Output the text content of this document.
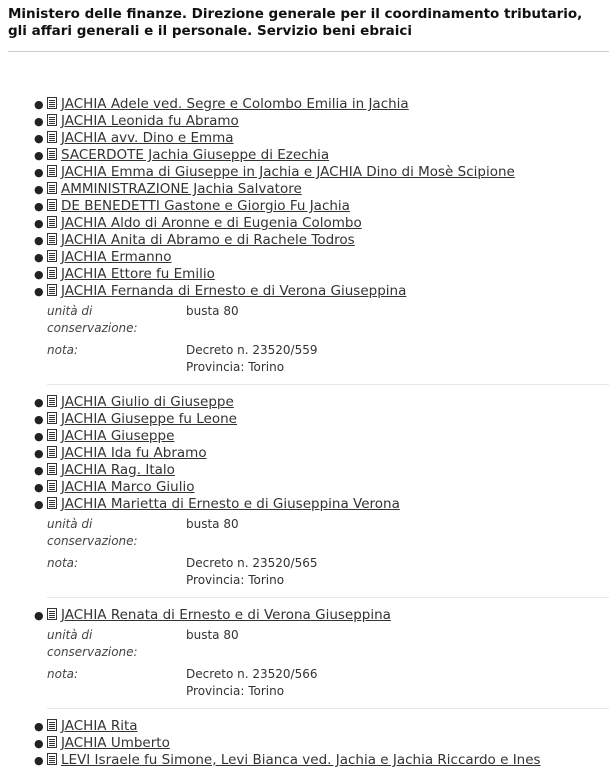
Ministero delle finanze. Direzione generale per il coordinamento tributario, gli affari generali e il personale. Servizio beni ebraici
● JACHIA Adele ved. Segre e Colombo Emilia in Jachia
● JACHIA Leonida fu Abramo
● JACHIA avv. Dino e Emma
● SACERDOTE Jachia Giuseppe di Ezechia
● JACHIA Emma di Giuseppe in Jachia e JACHIA Dino di Mosè Scipione
● AMMINISTRAZIONE Jachia Salvatore
● DE BENEDETTI Gastone e Giorgio Fu Jachia
● JACHIA Aldo di Aronne e di Eugenia Colombo
● JACHIA Anita di Abramo e di Rachele Todros
● JACHIA Ermanno
● JACHIA Ettore fu Emilio
● JACHIA Fernanda di Ernesto e di Verona Giuseppina
unità di conservazione:
busta 80
nota:	Decreto n. 23520/559
Provincia: Torino
● JACHIA Giulio di Giuseppe
● JACHIA Giuseppe fu Leone
● JACHIA Giuseppe
● JACHIA Ida fu Abramo
● JACHIA Rag. Italo
● JACHIA Marco Giulio
● JACHIA Marietta di Ernesto e di Giuseppina Verona
unità di conservazione:
busta 80
nota:	Decreto n. 23520/565
Provincia: Torino
● JACHIA Renata di Ernesto e di Verona Giuseppina
unità di conservazione:
busta 80
nota:	Decreto n. 23520/566
Provincia: Torino
● JACHIA Rita
● JACHIA Umberto
● LEVI Israele fu Simone, Levi Bianca ved. Jachia e Jachia Riccardo e Ines
